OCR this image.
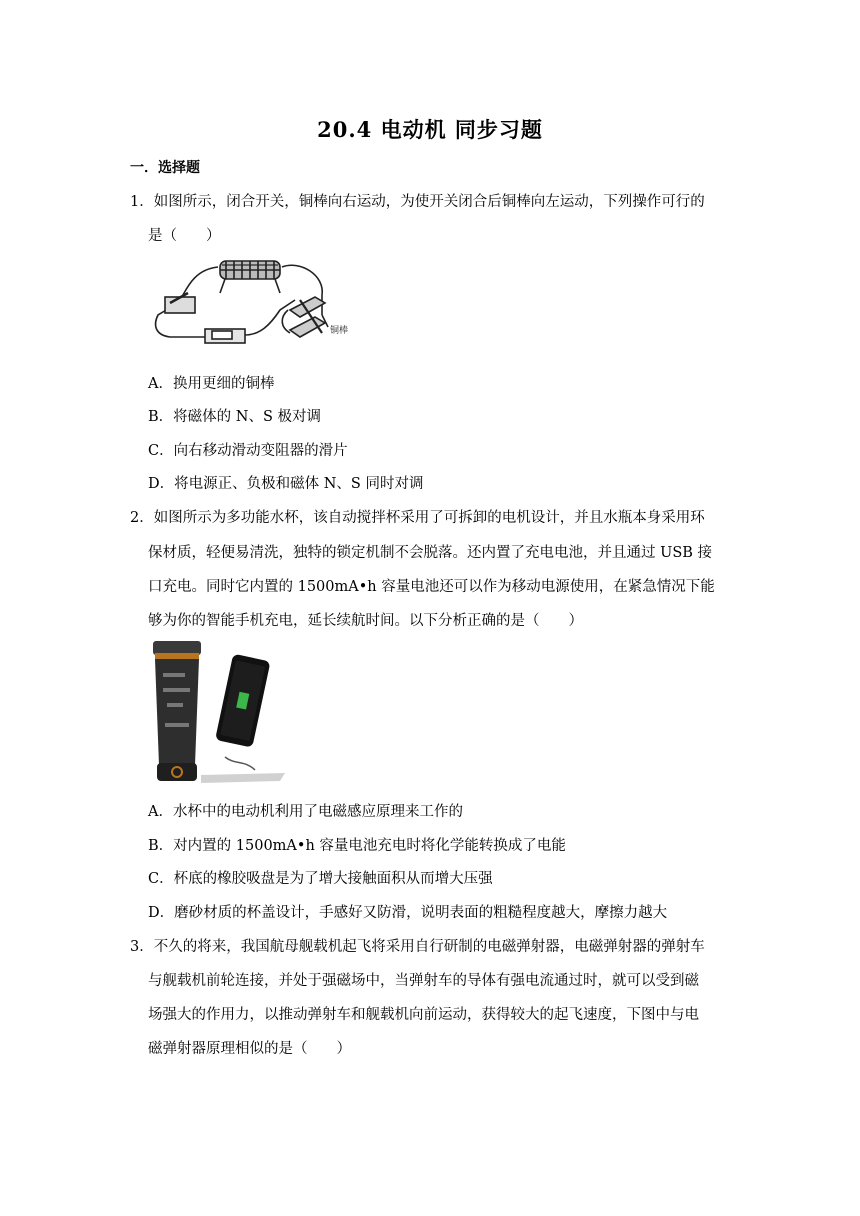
20.4 电动机 同步习题
一．选择题
1．如图所示，闭合开关，铜棒向右运动，为使开关闭合后铜棒向左运动，下列操作可行的
是（　　）
铜棒
A．换用更细的铜棒
B．将磁体的 N、S 极对调
C．向右移动滑动变阻器的滑片
D．将电源正、负极和磁体 N、S 同时对调
2．如图所示为多功能水杯，该自动搅拌杯采用了可拆卸的电机设计，并且水瓶本身采用环
保材质，轻便易清洗，独特的锁定机制不会脱落。还内置了充电电池，并且通过 USB 接
口充电。同时它内置的 1500mA•h 容量电池还可以作为移动电源使用，在紧急情况下能
够为你的智能手机充电，延长续航时间。以下分析正确的是（　　）
A．水杯中的电动机利用了电磁感应原理来工作的
B．对内置的 1500mA•h 容量电池充电时将化学能转换成了电能
C．杯底的橡胶吸盘是为了增大接触面积从而增大压强
D．磨砂材质的杯盖设计，手感好又防滑，说明表面的粗糙程度越大，摩擦力越大
3．不久的将来，我国航母舰载机起飞将采用自行研制的电磁弹射器，电磁弹射器的弹射车
与舰载机前轮连接，并处于强磁场中，当弹射车的导体有强电流通过时，就可以受到磁
场强大的作用力，以推动弹射车和舰载机向前运动，获得较大的起飞速度，下图中与电
磁弹射器原理相似的是（　　）
